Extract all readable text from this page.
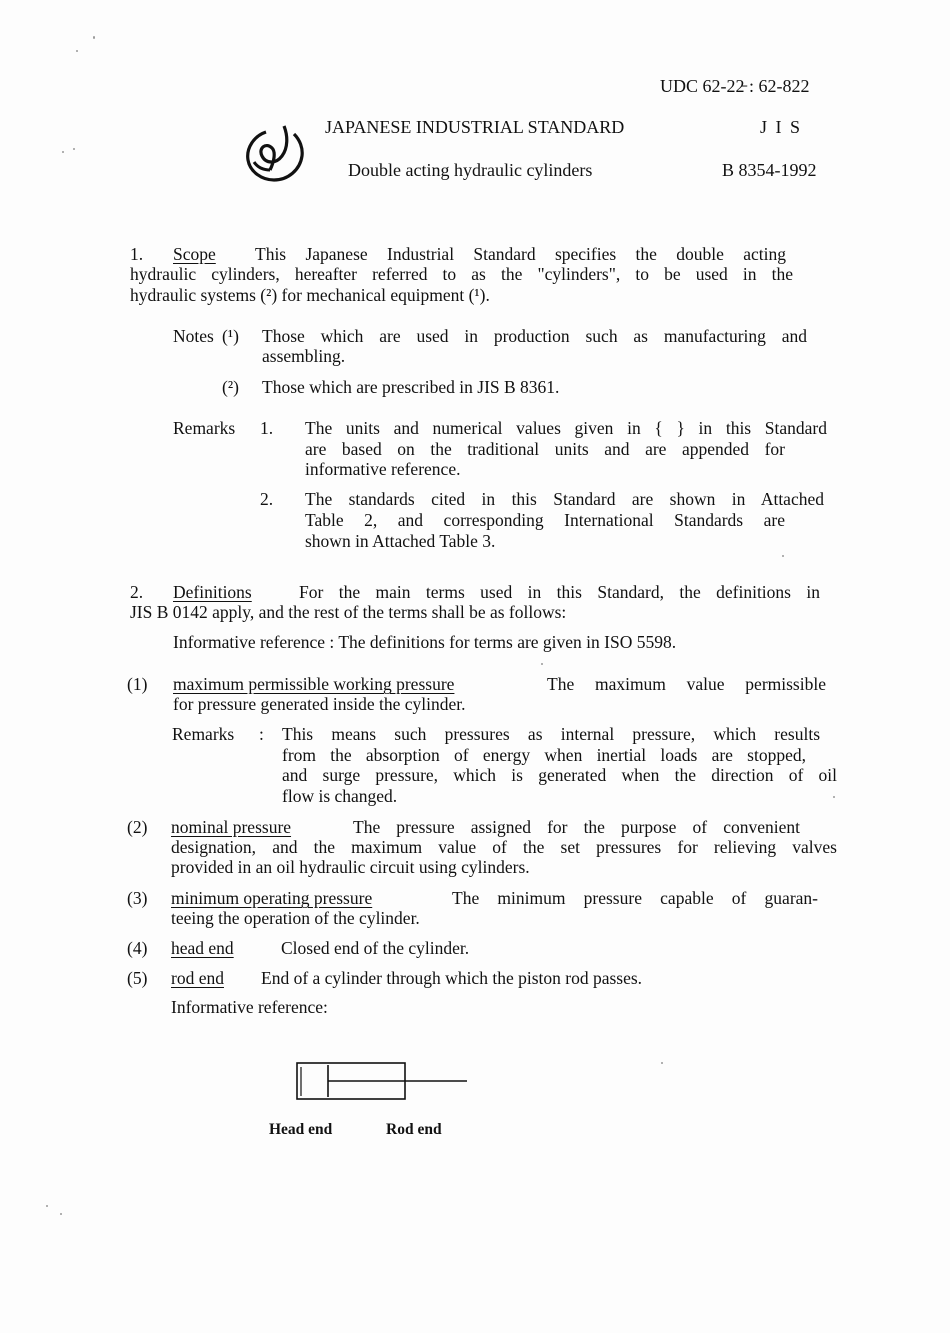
UDC 62-22̵ : 62-822
JAPANESE INDUSTRIAL STANDARD	J I S
Double acting hydraulic cylinders	B 8354-1992
1. Scope This Japanese Industrial Standard specifies the double acting
hydraulic cylinders, hereafter referred to as the "cylinders", to be used in the
hydraulic systems (²) for mechanical equipment (¹).
Notes (¹) Those which are used in production such as manufacturing and
assembling.
(²) Those which are prescribed in JIS B 8361.
Remarks 1. The units and numerical values given in { } in this Standard
are based on the traditional units and are appended for
informative reference.
2. The standards cited in this Standard are shown in Attached
Table 2, and corresponding International Standards are
shown in Attached Table 3.
2. Definitions	For the main terms used in this Standard, the definitions in
JIS B 0142 apply, and the rest of the terms shall be as follows:
Informative reference : The definitions for terms are given in ISO 5598.
(1) maximum permissible working pressure	The maximum value permissible
for pressure generated inside the cylinder.
Remarks : This means such pressures as internal pressure, which results
from the absorption of energy when inertial loads are stopped,
and surge pressure, which is generated when the direction of oil
flow is changed.
(2) nominal pressure	The pressure assigned for the purpose of convenient
designation, and the maximum value of the set pressures for relieving valves
provided in an oil hydraulic circuit using cylinders.
(3) minimum operating pressure	The minimum pressure capable of guaran-
teeing the operation of the cylinder.
(4) head end	Closed end of the cylinder.
(5) rod end End of a cylinder through which the piston rod passes.
Informative reference:
Head end	Rod end
